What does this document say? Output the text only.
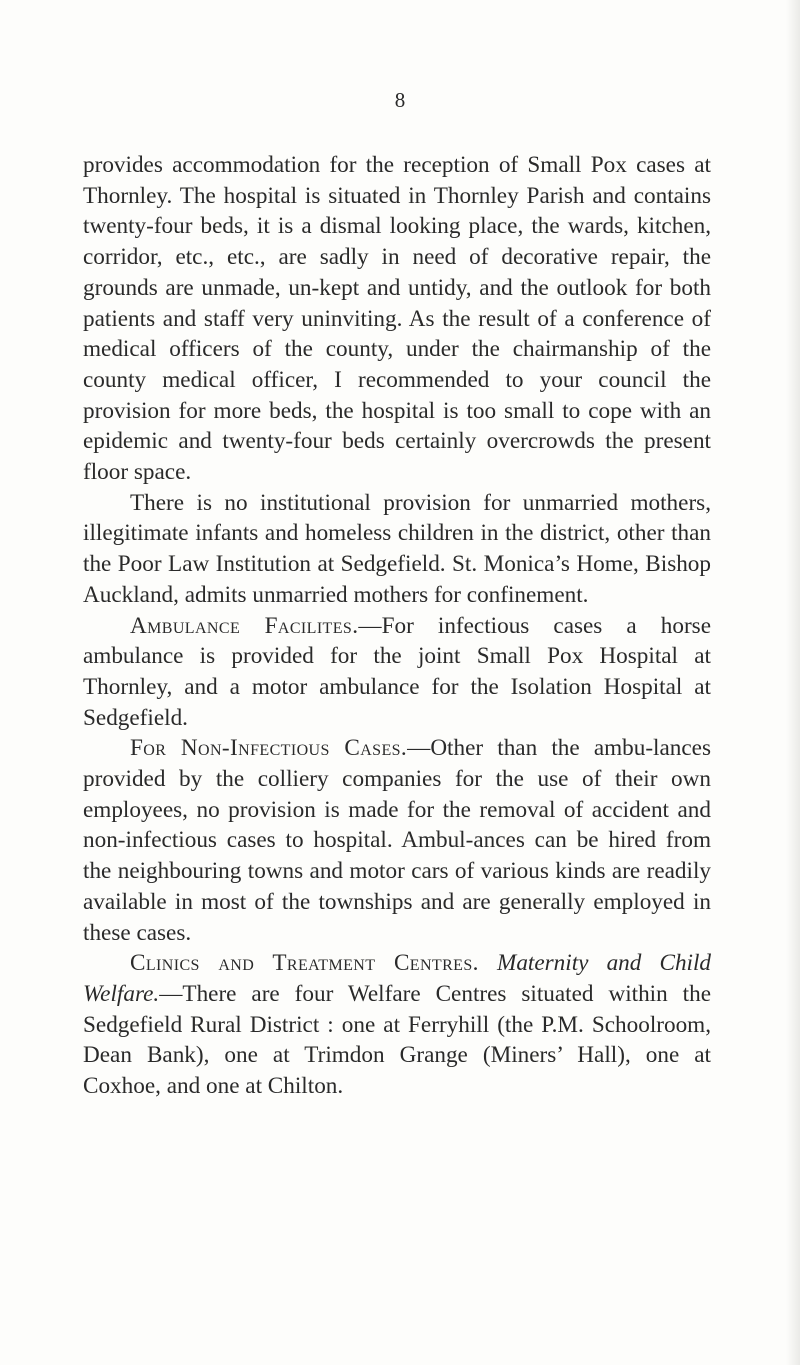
8

provides accommodation for the reception of Small Pox cases at Thornley. The hospital is situated in Thornley Parish and contains twenty-four beds, it is a dismal looking place, the wards, kitchen, corridor, etc., etc., are sadly in need of decorative repair, the grounds are unmade, un-kept and untidy, and the outlook for both patients and staff very uninviting. As the result of a conference of medical officers of the county, under the chairmanship of the county medical officer, I recommended to your council the provision for more beds, the hospital is too small to cope with an epidemic and twenty-four beds certainly overcrowds the present floor space.

There is no institutional provision for unmarried mothers, illegitimate infants and homeless children in the district, other than the Poor Law Institution at Sedgefield. St. Monica’s Home, Bishop Auckland, admits unmarried mothers for confinement.

Ambulance Facilites.—For infectious cases a horse ambulance is provided for the joint Small Pox Hospital at Thornley, and a motor ambulance for the Isolation Hospital at Sedgefield.

For Non-Infectious Cases.—Other than the ambu-lances provided by the colliery companies for the use of their own employees, no provision is made for the removal of accident and non-infectious cases to hospital. Ambul-ances can be hired from the neighbouring towns and motor cars of various kinds are readily available in most of the townships and are generally employed in these cases.

Clinics and Treatment Centres. Maternity and Child Welfare.—There are four Welfare Centres situated within the Sedgefield Rural District : one at Ferryhill (the P.M. Schoolroom, Dean Bank), one at Trimdon Grange (Miners’ Hall), one at Coxhoe, and one at Chilton.
